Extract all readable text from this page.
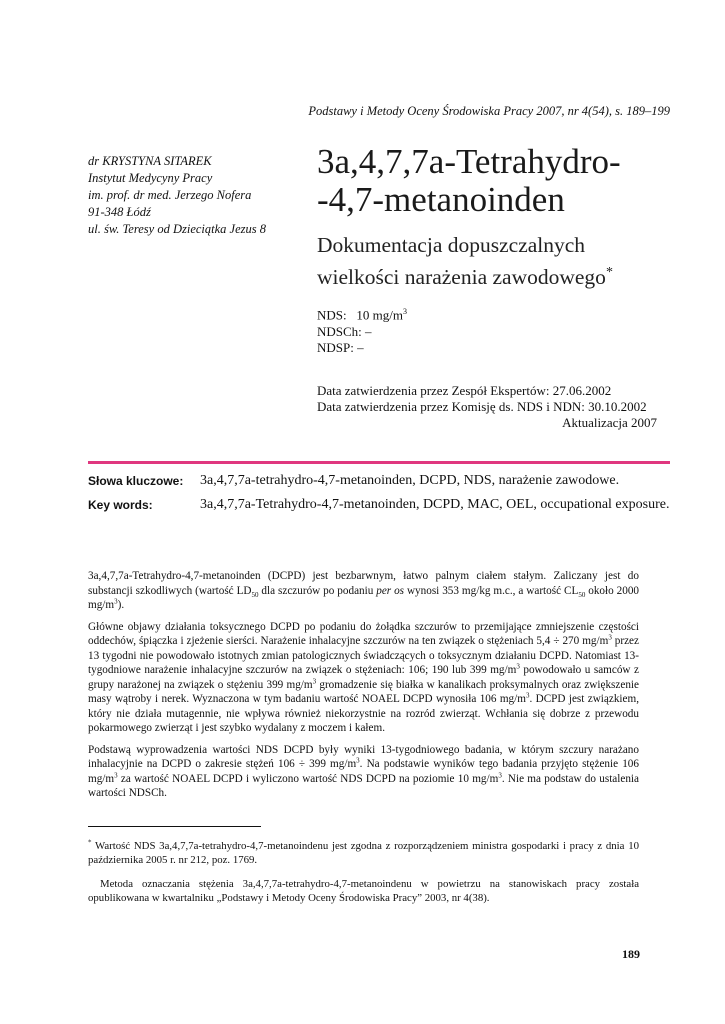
Podstawy i Metody Oceny Środowiska Pracy 2007, nr 4(54), s. 189–199
dr KRYSTYNA SITAREK
Instytut Medycyny Pracy
im. prof. dr med. Jerzego Nofera
91-348 Łódź
ul. św. Teresy od Dzieciątka Jezus 8
3a,4,7,7a-Tetrahydro-
-4,7-metanoinden
Dokumentacja dopuszczalnych
wielkości narażenia zawodowego*
NDS: 10 $mg/m^3$
NDSCh: –
NDSP: –
Data zatwierdzenia przez Zespół Ekspertów: 27.06.2002
Data zatwierdzenia przez Komisję ds. NDS i NDN: 30.10.2002
Aktualizacja 2007
Słowa kluczowe: 3a,4,7,7a-tetrahydro-4,7-metanoinden, DCPD, NDS, narażenie zawodowe.
Key words:	3a,4,7,7a-Tetrahydro-4,7-metanoinden, DCPD, MAC, OEL, occupational exposure.

3a,4,7,7a-Tetrahydro-4,7-metanoinden (DCPD) jest bezbarwnym, łatwo palnym ciałem stałym. Zaliczany jest do substancji szkodliwych (wartość $LD_{50}$ dla szczurów po podaniu per os wynosi 353 mg/kg m.c., a wartość $CL_{50}$ około 2000 $mg/m^3$).

Główne objawy działania toksycznego DCPD po podaniu do żołądka szczurów to przemijające zmniejszenie częstości oddechów, śpiączka i zjeżenie sierści. Narażenie inhalacyjne szczurów na ten związek o stężeniach 5,4 ÷ 270 $mg/m^3$ przez 13 tygodni nie powodowało istotnych zmian patologicznych świadczących o toksycznym działaniu DCPD. Natomiast 13-tygodniowe narażenie inhalacyjne szczurów na związek o stężeniach: 106; 190 lub 399 $mg/m^3$ powodowało u samców z grupy narażonej na związek o stężeniu 399 $mg/m^3$ gromadzenie się białka w kanalikach proksymalnych oraz zwiększenie masy wątroby i nerek. Wyznaczona w tym badaniu wartość NOAEL DCPD wynosiła 106 $mg/m^3$. DCPD jest związkiem, który nie działa mutagennie, nie wpływa również niekorzystnie na rozród zwierząt. Wchłania się dobrze z przewodu pokarmowego zwierząt i jest szybko wydalany z moczem i kałem.

Podstawą wyprowadzenia wartości NDS DCPD były wyniki 13-tygodniowego badania, w którym szczury narażano inhalacyjnie na DCPD o zakresie stężeń 106 ÷ 399 $mg/m^3$. Na podstawie wyników tego badania przyjęto stężenie 106 $mg/m^3$ za wartość NOAEL DCPD i wyliczono wartość NDS DCPD na poziomie 10 $mg/m^3$. Nie ma podstaw do ustalenia wartości NDSCh.

* Wartość NDS 3a,4,7,7a-tetrahydro-4,7-metanoindenu jest zgodna z rozporządzeniem ministra gospodarki i pracy z dnia 10 października 2005 r. nr 212, poz. 1769.

Metoda oznaczania stężenia 3a,4,7,7a-tetrahydro-4,7-metanoindenu w powietrzu na stanowiskach pracy została opublikowana w kwartalniku „Podstawy i Metody Oceny Środowiska Pracy” 2003, nr 4(38).

189
